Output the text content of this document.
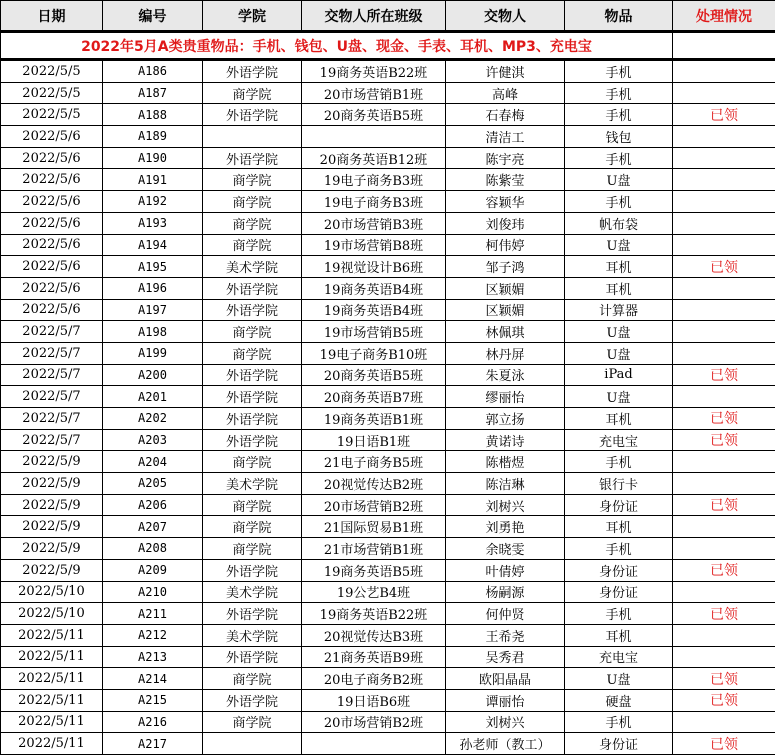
日期	编号	学院	交物人所在班级	交物人	物品	处理情况
2022年5月A类贵重物品：手机、钱包、U盘、现金、手表、耳机、MP3、充电宝						
2022/5/5	A186	外语学院	19商务英语B22班	许健淇	手机	
2022/5/5	A187	商学院	20市场营销B1班	高峰	手机	
2022/5/5	A188	外语学院	20商务英语B5班	石春梅	手机	已领
2022/5/6	A189			清洁工	钱包	
2022/5/6	A190	外语学院	20商务英语B12班	陈宇亮	手机	
2022/5/6	A191	商学院	19电子商务B3班	陈紫莹	U盘	
2022/5/6	A192	商学院	19电子商务B3班	容颖华	手机	
2022/5/6	A193	商学院	20市场营销B3班	刘俊玮	帆布袋	
2022/5/6	A194	商学院	19市场营销B8班	柯伟婷	U盘	
2022/5/6	A195	美术学院	19视觉设计B6班	邹子鸿	耳机	已领
2022/5/6	A196	外语学院	19商务英语B4班	区颖媚	耳机	
2022/5/6	A197	外语学院	19商务英语B4班	区颖媚	计算器	
2022/5/7	A198	商学院	19市场营销B5班	林佩琪	U盘	
2022/5/7	A199	商学院	19电子商务B10班	林丹屏	U盘	
2022/5/7	A200	外语学院	20商务英语B5班	朱夏泳	iPad	已领
2022/5/7	A201	外语学院	20商务英语B7班	缪丽怡	U盘	
2022/5/7	A202	外语学院	19商务英语B1班	郭立扬	耳机	已领
2022/5/7	A203	外语学院	19日语B1班	黄诺诗	充电宝	已领
2022/5/9	A204	商学院	21电子商务B5班	陈楷煜	手机	
2022/5/9	A205	美术学院	20视觉传达B2班	陈洁琳	银行卡	
2022/5/9	A206	商学院	20市场营销B2班	刘树兴	身份证	已领
2022/5/9	A207	商学院	21国际贸易B1班	刘勇艳	耳机	
2022/5/9	A208	商学院	21市场营销B1班	余晓雯	手机	
2022/5/9	A209	外语学院	19商务英语B5班	叶倩婷	身份证	已领
2022/5/10	A210	美术学院	19公艺B4班	杨嗣源	身份证	
2022/5/10	A211	外语学院	19商务英语B22班	何仲贤	手机	已领
2022/5/11	A212	美术学院	20视觉传达B3班	王希尧	耳机	
2022/5/11	A213	外语学院	21商务英语B9班	吴秀君	充电宝	
2022/5/11	A214	商学院	20电子商务B2班	欧阳晶晶	U盘	已领
2022/5/11	A215	外语学院	19日语B6班	谭丽怡	硬盘	已领
2022/5/11	A216	商学院	20市场营销B2班	刘树兴	手机	
2022/5/11	A217			孙老师（教工）	身份证	已领
